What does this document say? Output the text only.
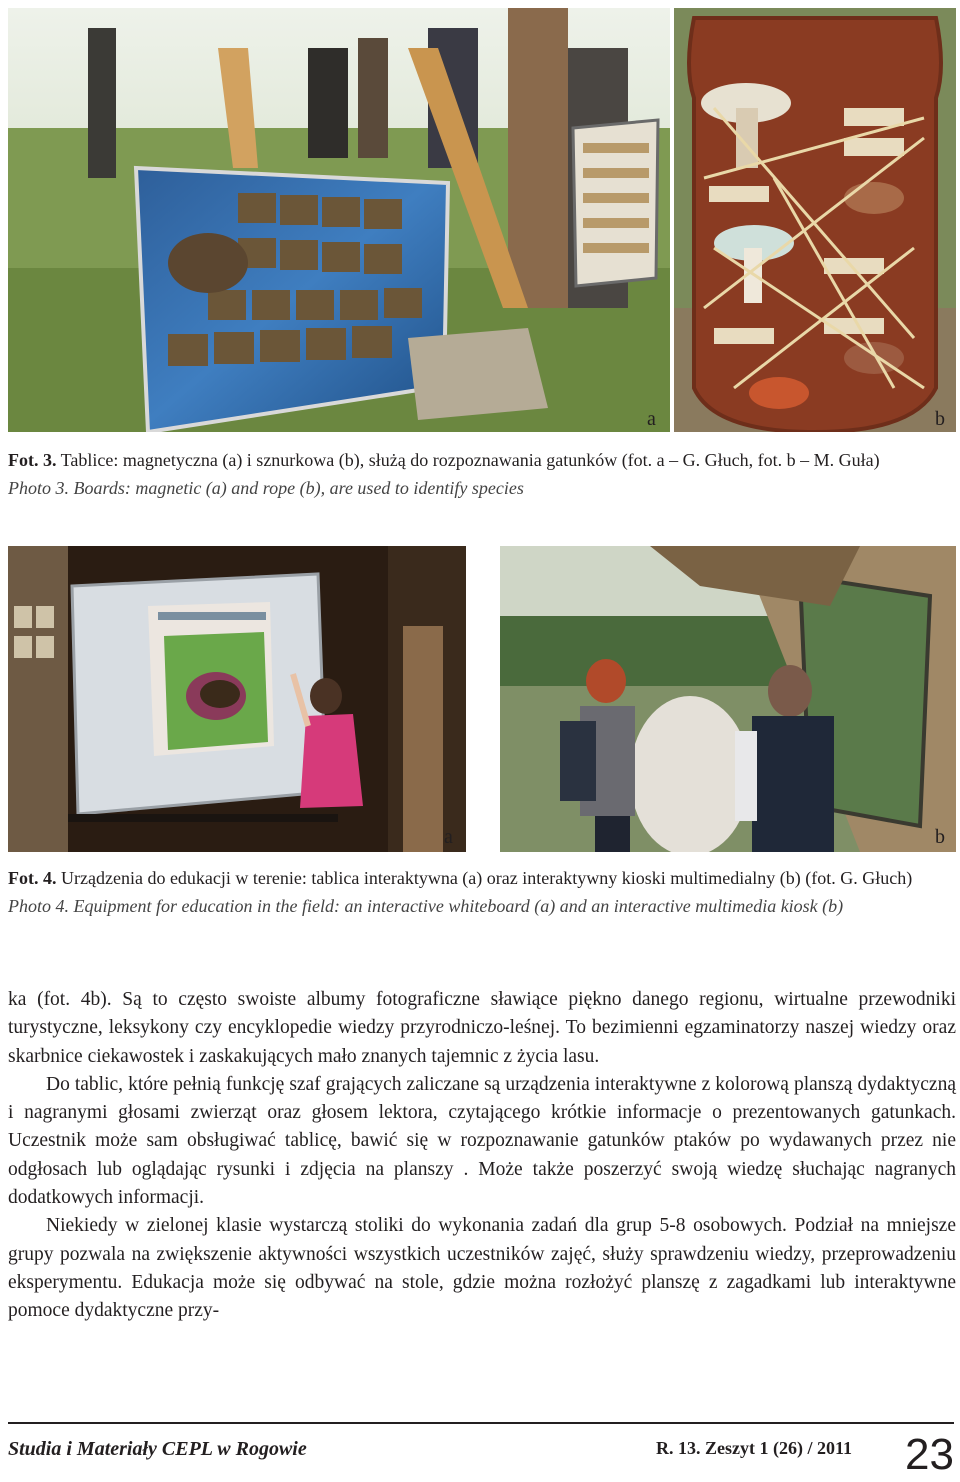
a	b
Fot. 3. Tablice: magnetyczna (a) i sznurkowa (b), służą do rozpoznawania gatunków (fot. a – G. Głuch, fot. b – M. Guła)
Photo 3. Boards: magnetic (a) and rope (b), are used to identify species
a	b
Fot. 4. Urządzenia do edukacji w terenie: tablica interaktywna (a) oraz interaktywny kioski multimedialny (b) (fot. G. Głuch)
Photo 4. Equipment for education in the field: an interactive whiteboard (a) and an interactive multimedia kiosk (b)

ka (fot. 4b). Są to często swoiste albumy fotograficzne sławiące piękno danego regionu, wirtualne przewodniki turystyczne, leksykony czy encyklopedie wiedzy przyrodniczo-leśnej. To bezimienni egzaminatorzy naszej wiedzy oraz skarbnice ciekawostek i zaskakujących mało znanych tajemnic z życia lasu.

Do tablic, które pełnią funkcję szaf grających zaliczane są urządzenia interaktywne z kolorową planszą dydaktyczną i nagranymi głosami zwierząt oraz głosem lektora, czytającego krótkie informacje o prezentowanych gatunkach. Uczestnik może sam obsługiwać tablicę, bawić się w rozpoznawanie gatunków ptaków po wydawanych przez nie odgłosach lub oglądając rysunki i zdjęcia na planszy . Może także poszerzyć swoją wiedzę słuchając nagranych dodatkowych informacji.

Niekiedy w zielonej klasie wystarczą stoliki do wykonania zadań dla grup 5-8 osobowych. Podział na mniejsze grupy pozwala na zwiększenie aktywności wszystkich uczestników zajęć, służy sprawdzeniu wiedzy, przeprowadzeniu eksperymentu. Edukacja może się odbywać na stole, gdzie można rozłożyć planszę z zagadkami lub interaktywne pomoce dydaktyczne przy-

Studia i Materiały CEPL w Rogowie	R. 13. Zeszyt 1 (26) / 2011 23
